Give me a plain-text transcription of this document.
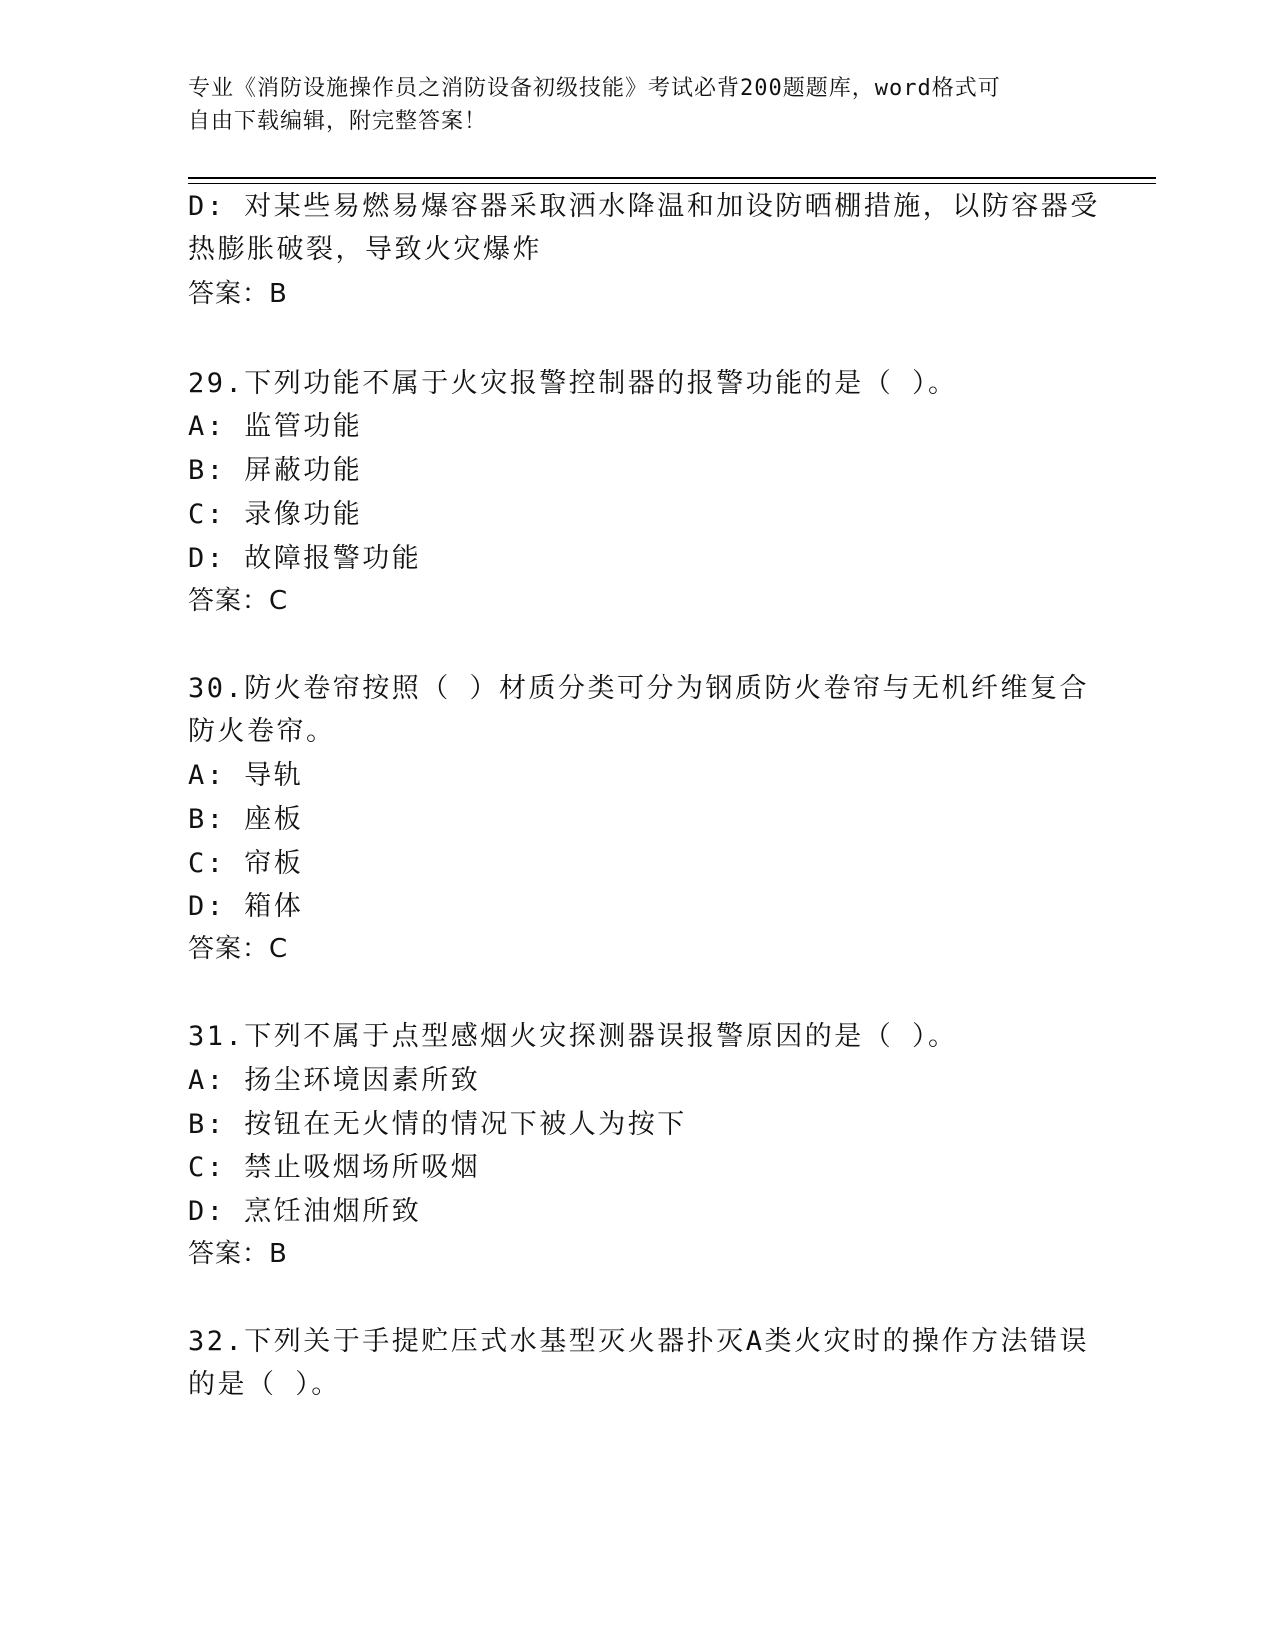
专业《消防设施操作员之消防设备初级技能》考试必背200题题库，word格式可
自由下载编辑，附完整答案！
D: 对某些易燃易爆容器采取洒水降温和加设防晒棚措施，以防容器受
热膨胀破裂，导致火灾爆炸
答案：B
29.下列功能不属于火灾报警控制器的报警功能的是（ ）。
A: 监管功能
B: 屏蔽功能
C: 录像功能
D: 故障报警功能
答案：C
30.防火卷帘按照（ ）材质分类可分为钢质防火卷帘与无机纤维复合
防火卷帘。
A: 导轨
B: 座板
C: 帘板
D: 箱体
答案：C
31.下列不属于点型感烟火灾探测器误报警原因的是（ ）。
A: 扬尘环境因素所致
B: 按钮在无火情的情况下被人为按下
C: 禁止吸烟场所吸烟
D: 烹饪油烟所致
答案：B
32.下列关于手提贮压式水基型灭火器扑灭A类火灾时的操作方法错误
的是（ ）。
